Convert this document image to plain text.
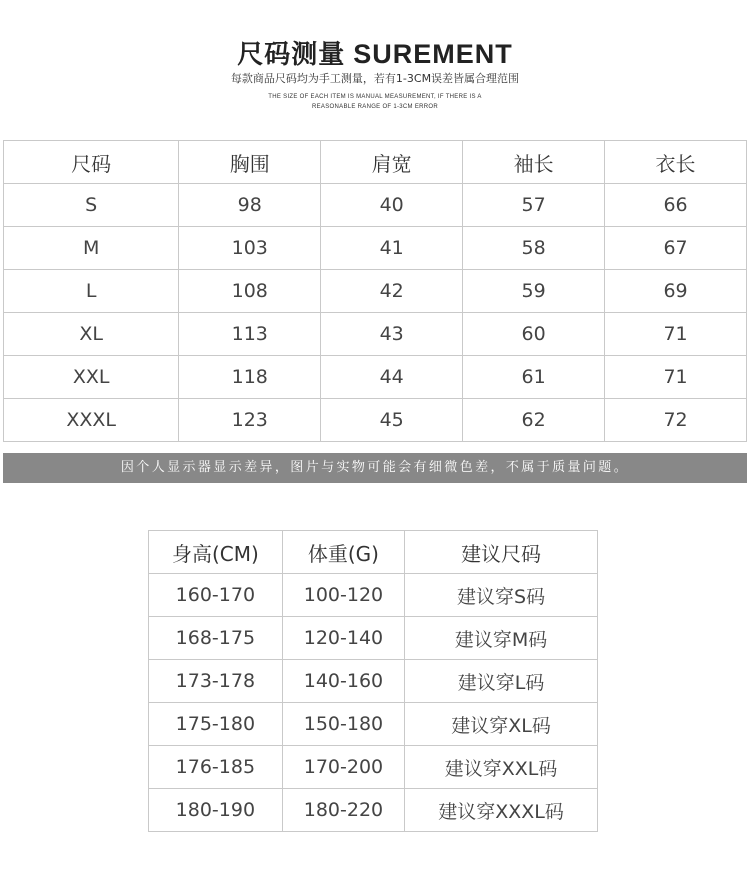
尺码测量 SUREMENT
每款商品尺码均为手工测量，若有1-3CM误差皆属合理范围
THE SIZE OF EACH ITEM IS MANUAL MEASUREMENT, IF THERE IS A
REASONABLE RANGE OF 1-3CM ERROR
尺码	胸围	肩宽	袖长	衣长
S	98	40	57	66
M	103	41	58	67
L	108	42	59	69
XL	113	43	60	71
XXL	118	44	61	71
XXXL	123	45	62	72
因个人显示器显示差异，图片与实物可能会有细微色差，不属于质量问题。
身高(CM)	体重(G)	建议尺码
160-170	100-120	建议穿S码
168-175	120-140	建议穿M码
173-178	140-160	建议穿L码
175-180	150-180	建议穿XL码
176-185	170-200	建议穿XXL码
180-190	180-220	建议穿XXXL码
